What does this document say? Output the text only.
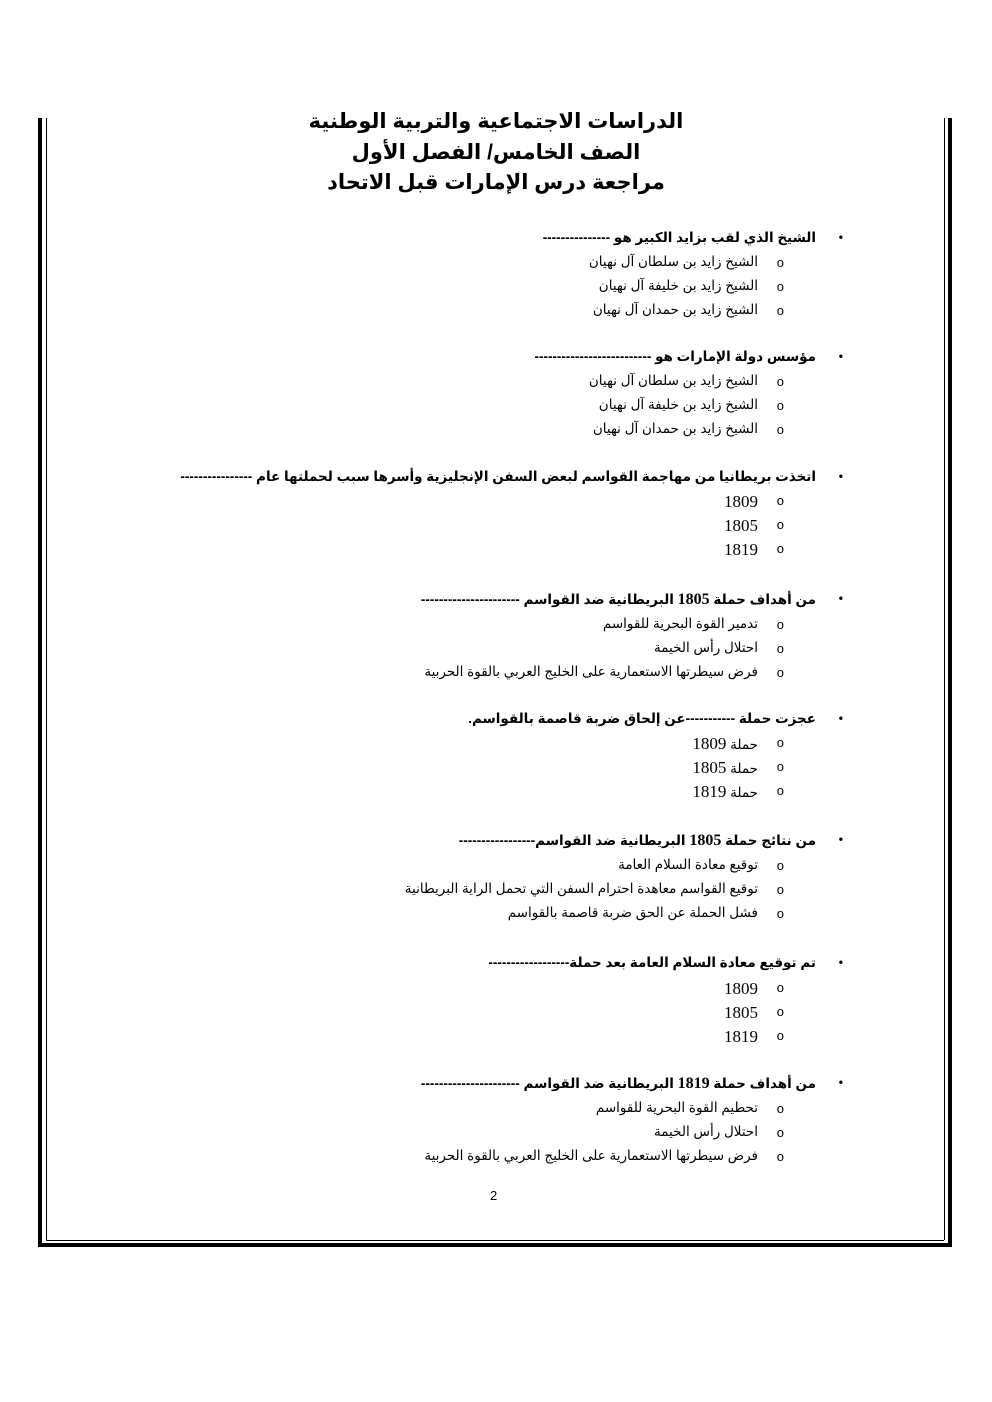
الدراسات الاجتماعية والتربية الوطنية
الصف الخامس/ الفصل الأول
مراجعة درس الإمارات قبل الاتحاد
•
الشيخ الذي لقب بزايد الكبير هو ---------------
o
الشيخ زايد بن سلطان آل نهيان
o
الشيخ زايد بن خليفة آل نهيان
o
الشيخ زايد بن حمدان آل نهيان
•
مؤسس دولة الإمارات هو --------------------------
o
الشيخ زايد بن سلطان آل نهيان
o
الشيخ زايد بن خليفة آل نهيان
o
الشيخ زايد بن حمدان آل نهيان
•
اتخذت بريطانيا من مهاجمة القواسم لبعض السفن الإنجليزية وأسرها سبب لحملتها عام ----------------
o
1809
o
1805
o
1819
•
من أهداف حملة 1805 البريطانية ضد القواسم ----------------------
o
تدمير القوة البحرية للقواسم
o
احتلال رأس الخيمة
o
فرض سيطرتها الاستعمارية على الخليج العربي بالقوة الحربية
•
عجزت حملة -----------عن إلحاق ضربة قاصمة بالقواسم.
o
حملة 1809
o
حملة 1805
o
حملة 1819
•
من نتائج حملة 1805 البريطانية ضد القواسم-----------------
o
توقيع معادة السلام العامة
o
توقيع القواسم معاهدة احترام السفن التي تحمل الراية البريطانية
o
فشل الحملة عن الحق ضربة قاصمة بالقواسم
•
تم توقيع معادة السلام العامة بعد حملة------------------
o
1809
o
1805
o
1819
•
من أهداف حملة 1819 البريطانية ضد القواسم ----------------------
o
تحطيم القوة البحرية للقواسم
o
احتلال رأس الخيمة
o
فرض سيطرتها الاستعمارية على الخليج العربي بالقوة الحربية
2
